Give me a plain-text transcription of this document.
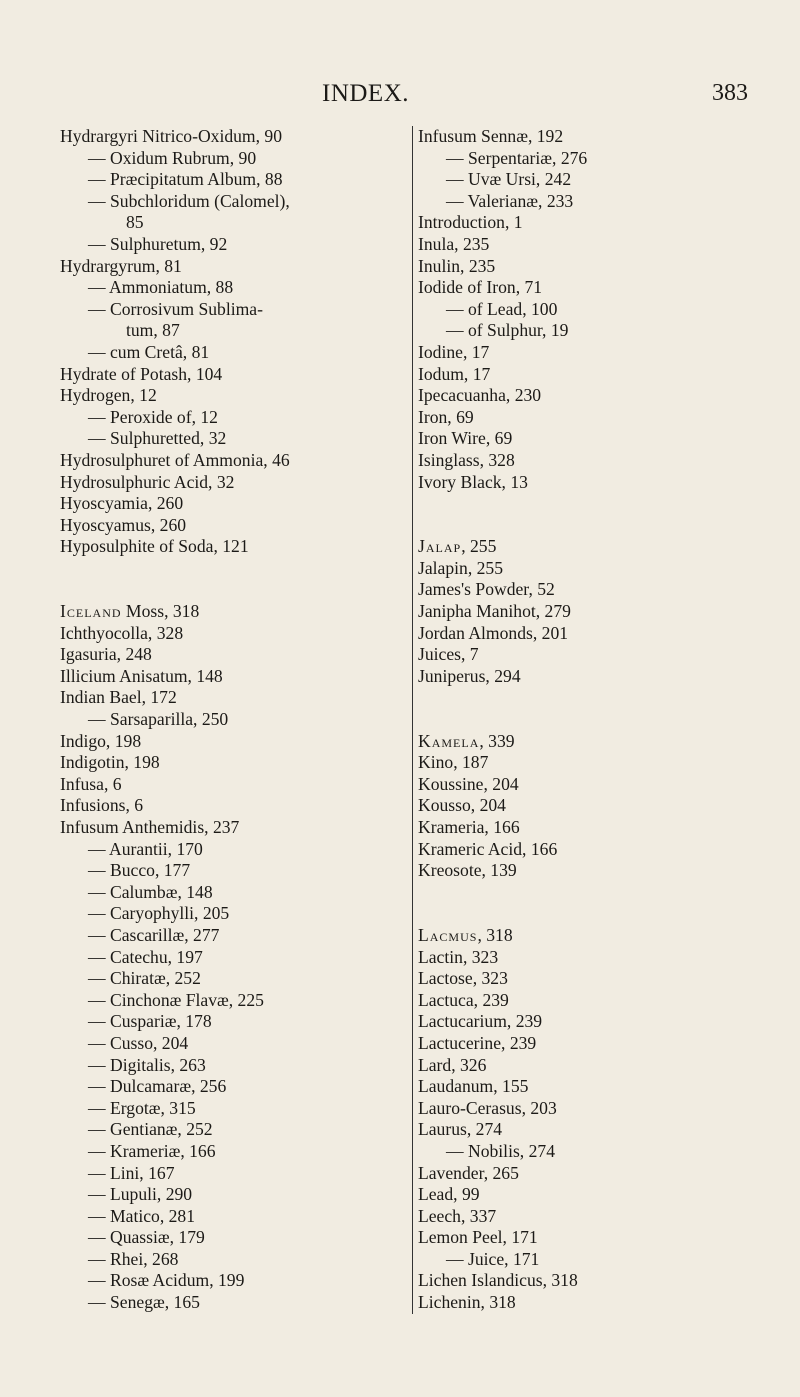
INDEX.	383
Hydrargyri Nitrico-Oxidum, 90
— Oxidum Rubrum, 90
— Præcipitatum Album, 88
— Subchloridum (Calomel),
85
— Sulphuretum, 92
Hydrargyrum, 81
— Ammoniatum, 88
— Corrosivum Sublima-
tum, 87
— cum Cretâ, 81
Hydrate of Potash, 104
Hydrogen, 12
— Peroxide of, 12
— Sulphuretted, 32
Hydrosulphuret of Ammonia, 46
Hydrosulphuric Acid, 32
Hyoscyamia, 260
Hyoscyamus, 260
Hyposulphite of Soda, 121
Iceland Moss, 318
Ichthyocolla, 328
Igasuria, 248
Illicium Anisatum, 148
Indian Bael, 172
— Sarsaparilla, 250
Indigo, 198
Indigotin, 198
Infusa, 6
Infusions, 6
Infusum Anthemidis, 237
— Aurantii, 170
— Bucco, 177
— Calumbæ, 148
— Caryophylli, 205
— Cascarillæ, 277
— Catechu, 197
— Chiratæ, 252
— Cinchonæ Flavæ, 225
— Cuspariæ, 178
— Cusso, 204
— Digitalis, 263
— Dulcamaræ, 256
— Ergotæ, 315
— Gentianæ, 252
— Krameriæ, 166
— Lini, 167
— Lupuli, 290
— Matico, 281
— Quassiæ, 179
— Rhei, 268
— Rosæ Acidum, 199
— Senegæ, 165
Infusum Sennæ, 192
— Serpentariæ, 276
— Uvæ Ursi, 242
— Valerianæ, 233
Introduction, 1
Inula, 235
Inulin, 235
Iodide of Iron, 71
— of Lead, 100
— of Sulphur, 19
Iodine, 17
Iodum, 17
Ipecacuanha, 230
Iron, 69
Iron Wire, 69
Isinglass, 328
Ivory Black, 13
Jalap, 255
Jalapin, 255
James's Powder, 52
Janipha Manihot, 279
Jordan Almonds, 201
Juices, 7
Juniperus, 294
Kamela, 339
Kino, 187
Koussine, 204
Kousso, 204
Krameria, 166
Krameric Acid, 166
Kreosote, 139
Lacmus, 318
Lactin, 323
Lactose, 323
Lactuca, 239
Lactucarium, 239
Lactucerine, 239
Lard, 326
Laudanum, 155
Lauro-Cerasus, 203
Laurus, 274
— Nobilis, 274
Lavender, 265
Lead, 99
Leech, 337
Lemon Peel, 171
— Juice, 171
Lichen Islandicus, 318
Lichenin, 318
